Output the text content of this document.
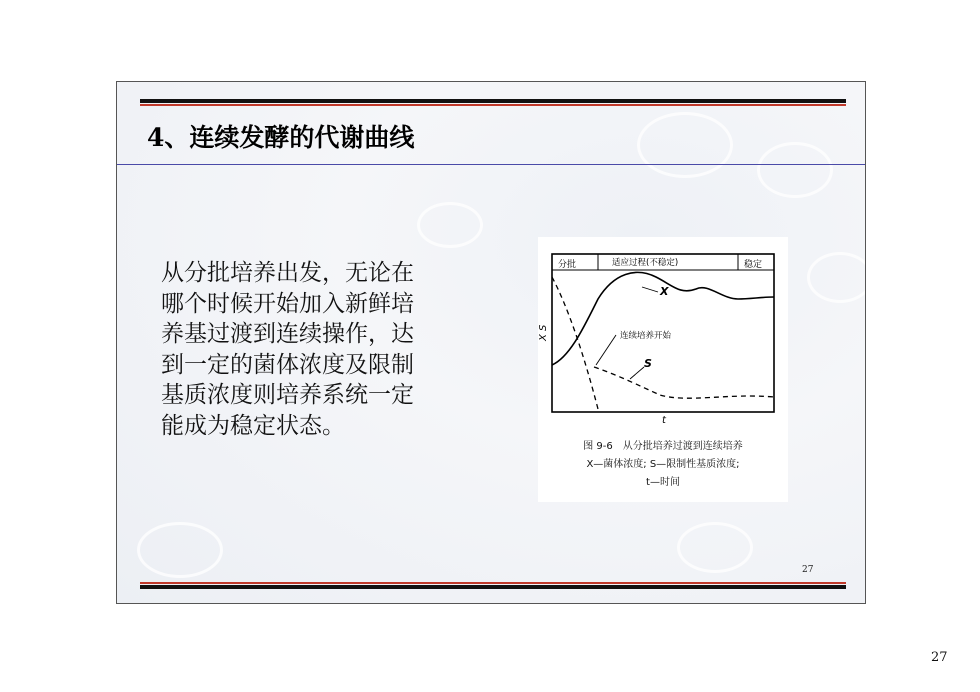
4、连续发酵的代谢曲线
从分批培养出发，无论在
哪个时候开始加入新鲜培
养基过渡到连续操作，达
到一定的菌体浓度及限制
基质浓度则培养系统一定
能成为稳定状态。
分批	适应过程(不稳定)	稳定
X
S
连续培养开始
X S
t
图 9-6　从分批培养过渡到连续培养
X—菌体浓度; S—限制性基质浓度;
t—时间
27
27
